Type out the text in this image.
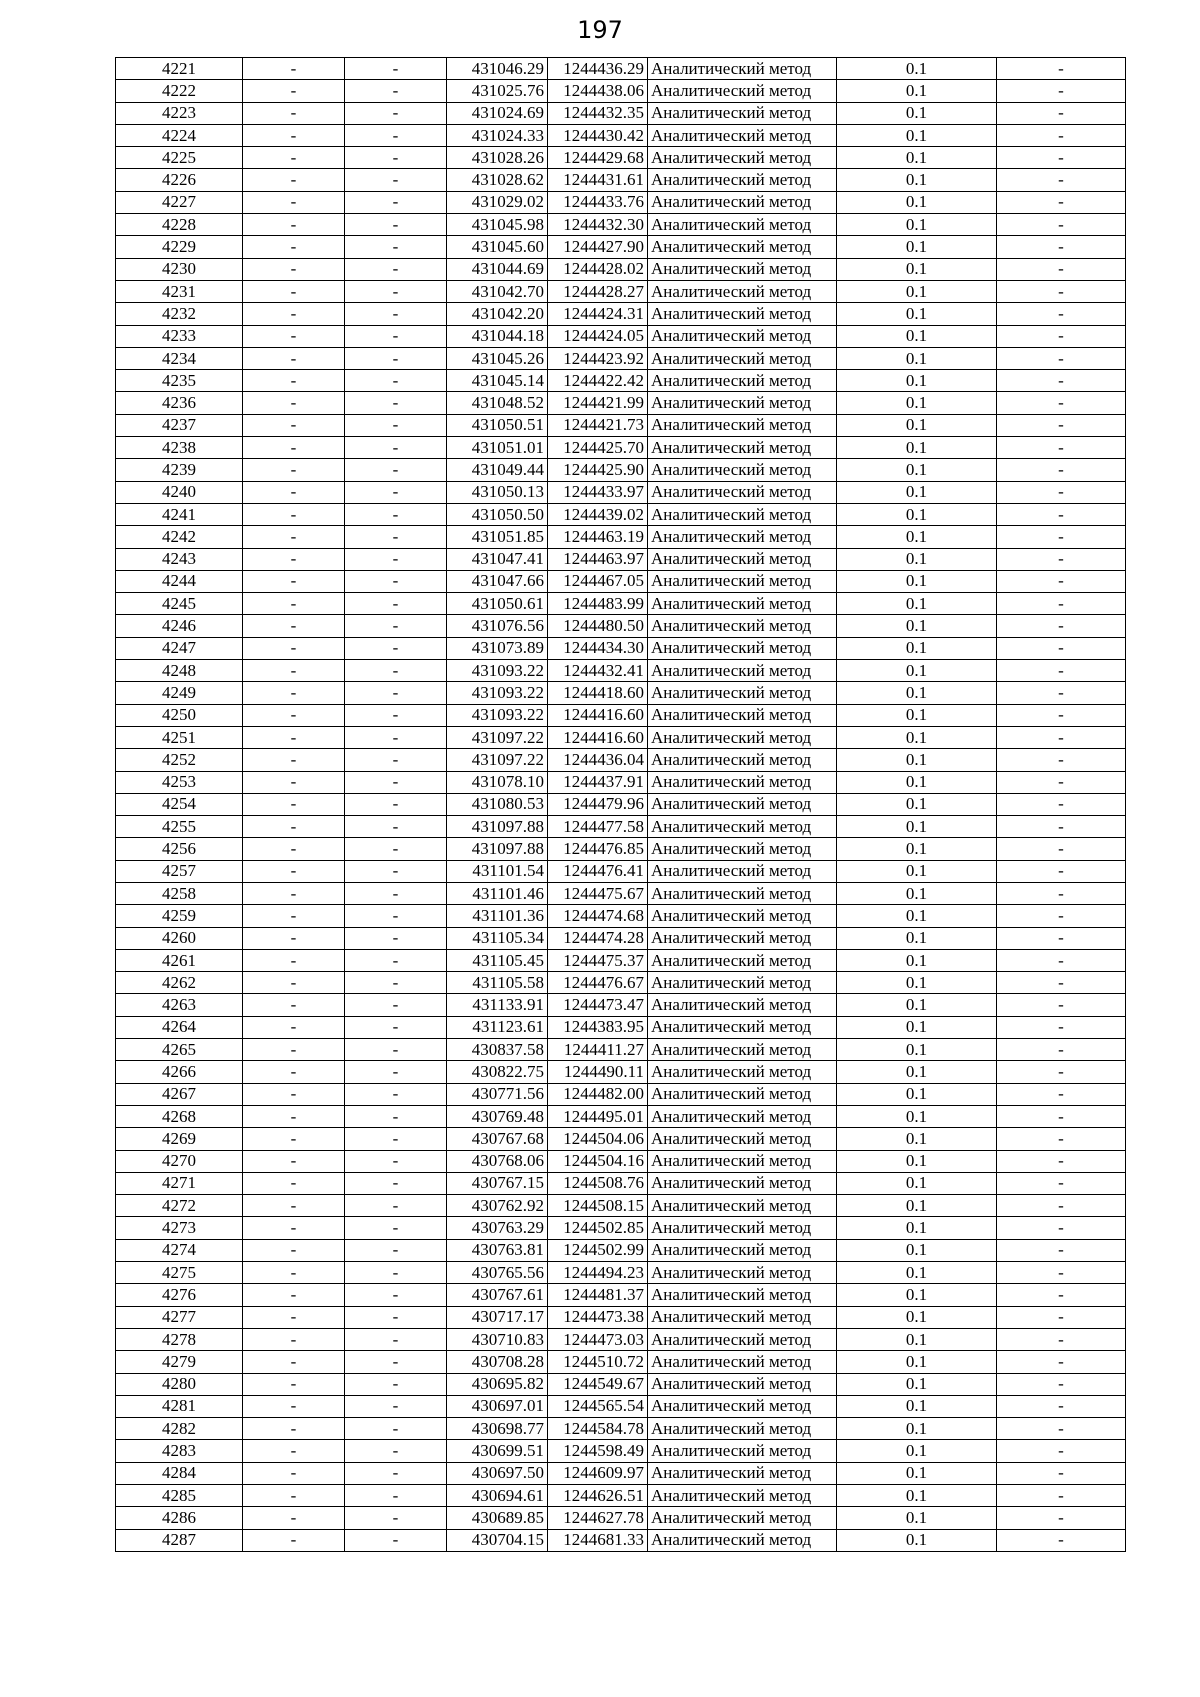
197
4221	-	-	431046.29	1244436.29	Аналитический метод	0.1	-
4222	-	-	431025.76	1244438.06	Аналитический метод	0.1	-
4223	-	-	431024.69	1244432.35	Аналитический метод	0.1	-
4224	-	-	431024.33	1244430.42	Аналитический метод	0.1	-
4225	-	-	431028.26	1244429.68	Аналитический метод	0.1	-
4226	-	-	431028.62	1244431.61	Аналитический метод	0.1	-
4227	-	-	431029.02	1244433.76	Аналитический метод	0.1	-
4228	-	-	431045.98	1244432.30	Аналитический метод	0.1	-
4229	-	-	431045.60	1244427.90	Аналитический метод	0.1	-
4230	-	-	431044.69	1244428.02	Аналитический метод	0.1	-
4231	-	-	431042.70	1244428.27	Аналитический метод	0.1	-
4232	-	-	431042.20	1244424.31	Аналитический метод	0.1	-
4233	-	-	431044.18	1244424.05	Аналитический метод	0.1	-
4234	-	-	431045.26	1244423.92	Аналитический метод	0.1	-
4235	-	-	431045.14	1244422.42	Аналитический метод	0.1	-
4236	-	-	431048.52	1244421.99	Аналитический метод	0.1	-
4237	-	-	431050.51	1244421.73	Аналитический метод	0.1	-
4238	-	-	431051.01	1244425.70	Аналитический метод	0.1	-
4239	-	-	431049.44	1244425.90	Аналитический метод	0.1	-
4240	-	-	431050.13	1244433.97	Аналитический метод	0.1	-
4241	-	-	431050.50	1244439.02	Аналитический метод	0.1	-
4242	-	-	431051.85	1244463.19	Аналитический метод	0.1	-
4243	-	-	431047.41	1244463.97	Аналитический метод	0.1	-
4244	-	-	431047.66	1244467.05	Аналитический метод	0.1	-
4245	-	-	431050.61	1244483.99	Аналитический метод	0.1	-
4246	-	-	431076.56	1244480.50	Аналитический метод	0.1	-
4247	-	-	431073.89	1244434.30	Аналитический метод	0.1	-
4248	-	-	431093.22	1244432.41	Аналитический метод	0.1	-
4249	-	-	431093.22	1244418.60	Аналитический метод	0.1	-
4250	-	-	431093.22	1244416.60	Аналитический метод	0.1	-
4251	-	-	431097.22	1244416.60	Аналитический метод	0.1	-
4252	-	-	431097.22	1244436.04	Аналитический метод	0.1	-
4253	-	-	431078.10	1244437.91	Аналитический метод	0.1	-
4254	-	-	431080.53	1244479.96	Аналитический метод	0.1	-
4255	-	-	431097.88	1244477.58	Аналитический метод	0.1	-
4256	-	-	431097.88	1244476.85	Аналитический метод	0.1	-
4257	-	-	431101.54	1244476.41	Аналитический метод	0.1	-
4258	-	-	431101.46	1244475.67	Аналитический метод	0.1	-
4259	-	-	431101.36	1244474.68	Аналитический метод	0.1	-
4260	-	-	431105.34	1244474.28	Аналитический метод	0.1	-
4261	-	-	431105.45	1244475.37	Аналитический метод	0.1	-
4262	-	-	431105.58	1244476.67	Аналитический метод	0.1	-
4263	-	-	431133.91	1244473.47	Аналитический метод	0.1	-
4264	-	-	431123.61	1244383.95	Аналитический метод	0.1	-
4265	-	-	430837.58	1244411.27	Аналитический метод	0.1	-
4266	-	-	430822.75	1244490.11	Аналитический метод	0.1	-
4267	-	-	430771.56	1244482.00	Аналитический метод	0.1	-
4268	-	-	430769.48	1244495.01	Аналитический метод	0.1	-
4269	-	-	430767.68	1244504.06	Аналитический метод	0.1	-
4270	-	-	430768.06	1244504.16	Аналитический метод	0.1	-
4271	-	-	430767.15	1244508.76	Аналитический метод	0.1	-
4272	-	-	430762.92	1244508.15	Аналитический метод	0.1	-
4273	-	-	430763.29	1244502.85	Аналитический метод	0.1	-
4274	-	-	430763.81	1244502.99	Аналитический метод	0.1	-
4275	-	-	430765.56	1244494.23	Аналитический метод	0.1	-
4276	-	-	430767.61	1244481.37	Аналитический метод	0.1	-
4277	-	-	430717.17	1244473.38	Аналитический метод	0.1	-
4278	-	-	430710.83	1244473.03	Аналитический метод	0.1	-
4279	-	-	430708.28	1244510.72	Аналитический метод	0.1	-
4280	-	-	430695.82	1244549.67	Аналитический метод	0.1	-
4281	-	-	430697.01	1244565.54	Аналитический метод	0.1	-
4282	-	-	430698.77	1244584.78	Аналитический метод	0.1	-
4283	-	-	430699.51	1244598.49	Аналитический метод	0.1	-
4284	-	-	430697.50	1244609.97	Аналитический метод	0.1	-
4285	-	-	430694.61	1244626.51	Аналитический метод	0.1	-
4286	-	-	430689.85	1244627.78	Аналитический метод	0.1	-
4287	-	-	430704.15	1244681.33	Аналитический метод	0.1	-
